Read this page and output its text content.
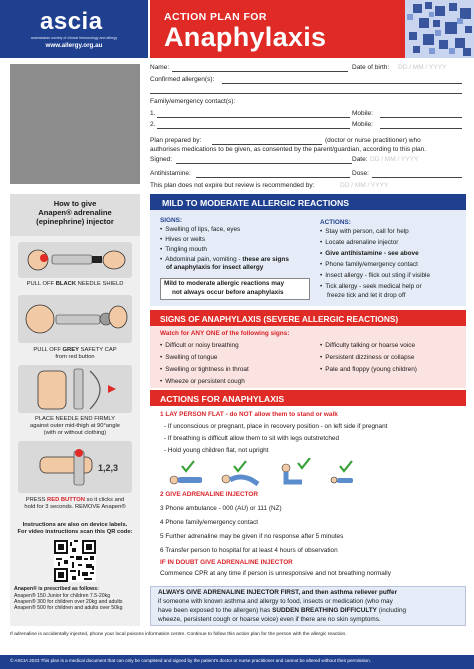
ascia
australasian society of clinical immunology and allergy
www.allergy.org.au
ACTION PLAN FOR
Anaphylaxis
Name:	Date of birth: DD / MM / YYYY
Confirmed allergen(s):
Family/emergency contact(s):
1.	Mobile:
2.	Mobile:
Plan prepared by:	(doctor or nurse practitioner) who
authorises medications to be given, as consented by the parent/guardian, according to this plan.
Signed:	Date: DD / MM / YYYY
Antihistamine:	Dose:
This plan does not expire but review is recommended by:	DD / MM / YYYY
How to give
Anapen® adrenaline
(epinephrine) injector
PULL OFF BLACK NEEDLE SHIELD
PULL OFF GREY SAFETY CAP
from red button
PLACE NEEDLE END FIRMLY
against outer mid-thigh at 90°angle
(with or without clothing)
1,2,3
PRESS RED BUTTON so it clicks and
hold for 3 seconds. REMOVE Anapen®
Instructions are also on device labels.
For video instructions scan this QR code:
Anapen® is prescribed as follows:
Anapen® 150 Junior for children 7.5-20kg
Anapen® 300 for children over 20kg and adults
Anapen® 500 for children and adults over 50kg
MILD TO MODERATE ALLERGIC REACTIONS
SIGNS:
• Swelling of lips, face, eyes
• Hives or welts
• Tingling mouth
• Abdominal pain, vomiting - these are signs
of anaphylaxis for insect allergy
Mild to moderate allergic reactions may
not always occur before anaphylaxis
ACTIONS:
• Stay with person, call for help
• Locate adrenaline injector
• Give antihistamine - see above
• Phone family/emergency contact
• Insect allergy - flick out sting if visible
• Tick allergy - seek medical help or
freeze tick and let it drop off
SIGNS OF ANAPHYLAXIS (SEVERE ALLERGIC REACTIONS)
Watch for ANY ONE of the following signs:
• Difficult or noisy breathing
• Swelling of tongue
• Swelling or tightness in throat
• Wheeze or persistent cough
• Difficulty talking or hoarse voice
• Persistent dizziness or collapse
• Pale and floppy (young children)
ACTIONS FOR ANAPHYLAXIS
1 LAY PERSON FLAT - do NOT allow them to stand or walk
- If unconscious or pregnant, place in recovery position - on left side if pregnant
- If breathing is difficult allow them to sit with legs outstretched
- Hold young children flat, not upright
2 GIVE ADRENALINE INJECTOR
3 Phone ambulance - 000 (AU) or 111 (NZ)
4 Phone family/emergency contact
5 Further adrenaline may be given if no response after 5 minutes
6 Transfer person to hospital for at least 4 hours of observation
IF IN DOUBT GIVE ADRENALINE INJECTOR
Commence CPR at any time if person is unresponsive and not breathing normally
ALWAYS GIVE ADRENALINE INJECTOR FIRST, and then asthma reliever puffer
if someone with known asthma and allergy to food, insects or medication (who may
have been exposed to the allergen) has SUDDEN BREATHING DIFFICULTY (including
wheeze, persistent cough or hoarse voice) even if there are no skin symptoms.
If adrenaline is accidentally injected, phone your local poisons information centre. Continue to follow this action plan for the person with the allergic reaction.
© ASCIA 2023 This plan is a medical document that can only be completed and signed by the patient's doctor or nurse practitioner and cannot be altered without their permission.
